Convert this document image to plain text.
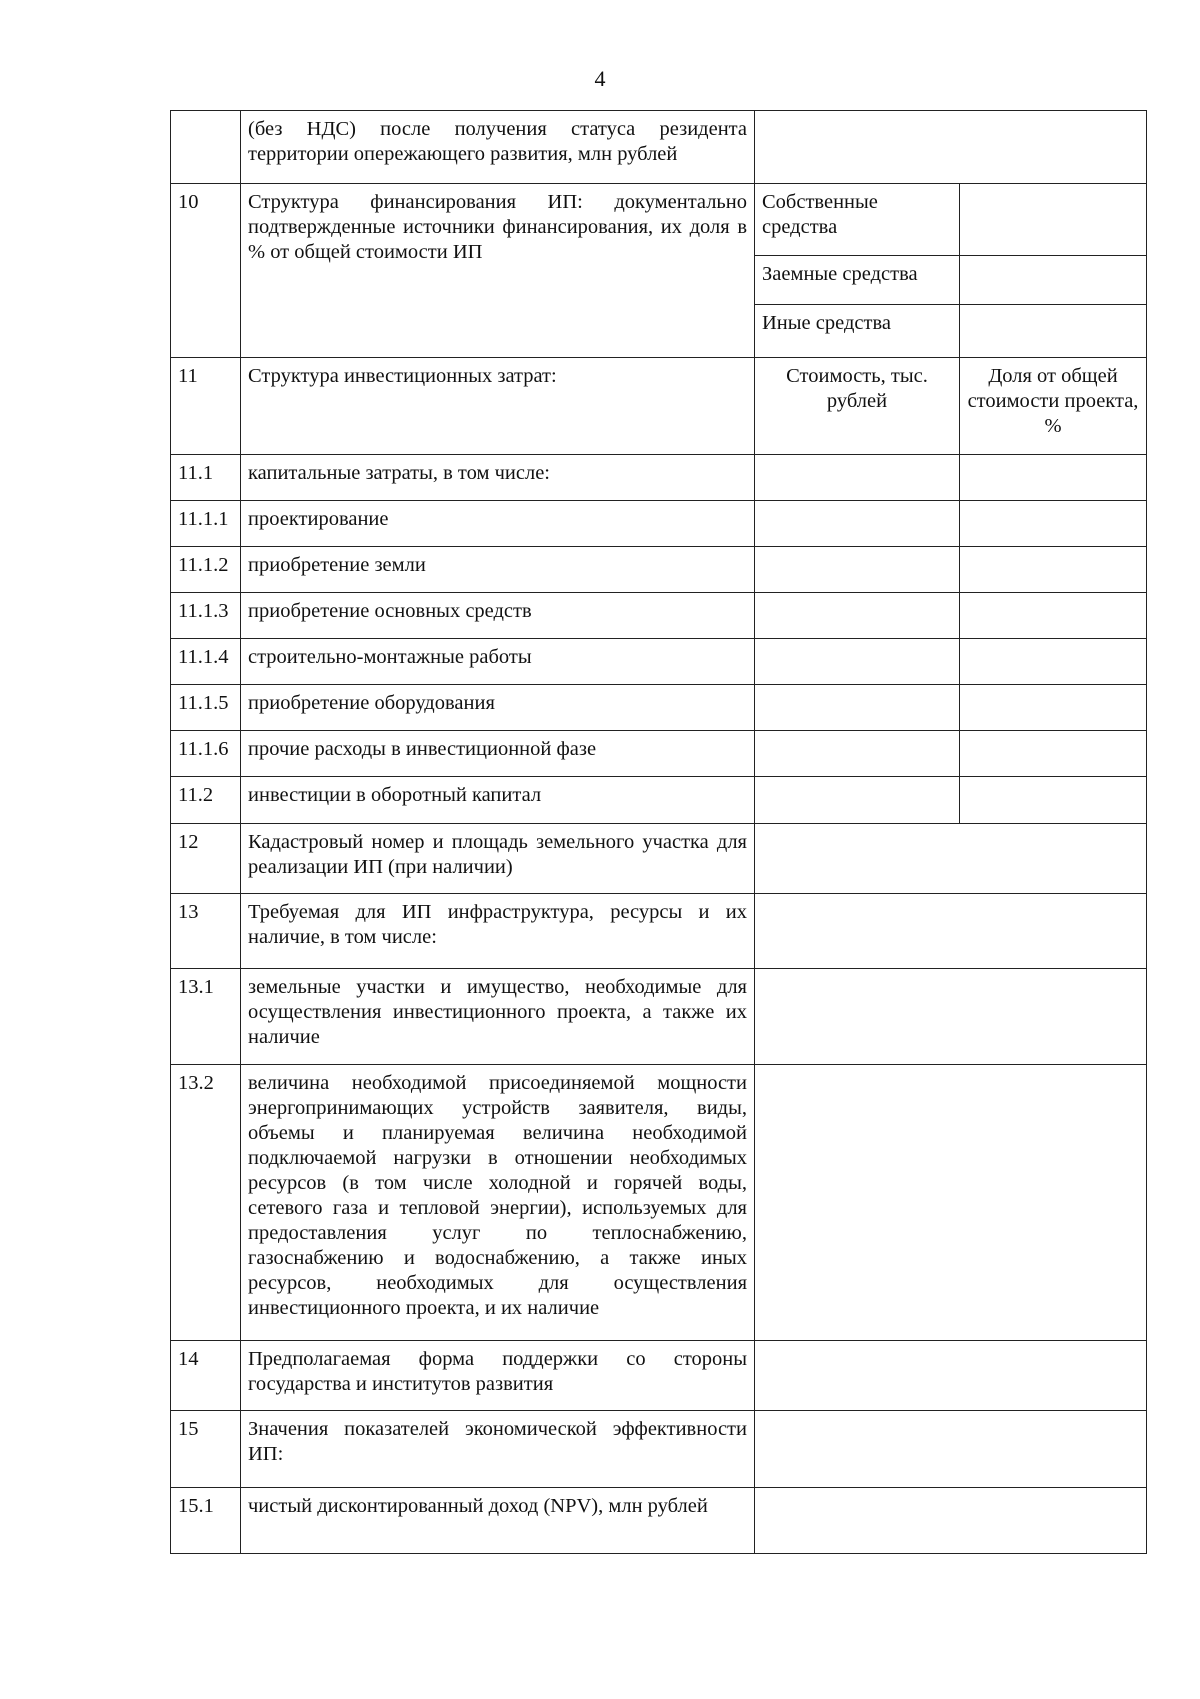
4
	(без НДС) после получения статуса резидента территории опережающего развития, млн рублей		
10	Структура финансирования ИП: документально подтвержденные источники финансирования, их доля в % от общей стоимости ИП	Собственные средства	
		Заемные средства	
		Иные средства	
11	Структура инвестиционных затрат:	Стоимость, тыс. рублей	Доля от общей стоимости проекта, %
11.1	капитальные затраты, в том числе:		
11.1.1	проектирование		
11.1.2	приобретение земли		
11.1.3	приобретение основных средств		
11.1.4	строительно-монтажные работы		
11.1.5	приобретение оборудования		
11.1.6	прочие расходы в инвестиционной фазе		
11.2	инвестиции в оборотный капитал		
12	Кадастровый номер и площадь земельного участка для реализации ИП (при наличии)		
13	Требуемая для ИП инфраструктура, ресурсы и их наличие, в том числе:		
13.1	земельные участки и имущество, необходимые для осуществления инвестиционного проекта, а также их наличие		
13.2	величина необходимой присоединяемой мощности энергопринимающих устройств заявителя, виды, объемы и планируемая величина необходимой подключаемой нагрузки в отношении необходимых ресурсов (в том числе холодной и горячей воды, сетевого газа и тепловой энергии), используемых для предоставления услуг по теплоснабжению, газоснабжению и водоснабжению, а также иных ресурсов, необходимых для осуществления инвестиционного проекта, и их наличие		
14	Предполагаемая форма поддержки со стороны государства и институтов развития		
15	Значения показателей экономической эффективности ИП:		
15.1	чистый дисконтированный доход (NPV), млн рублей		
